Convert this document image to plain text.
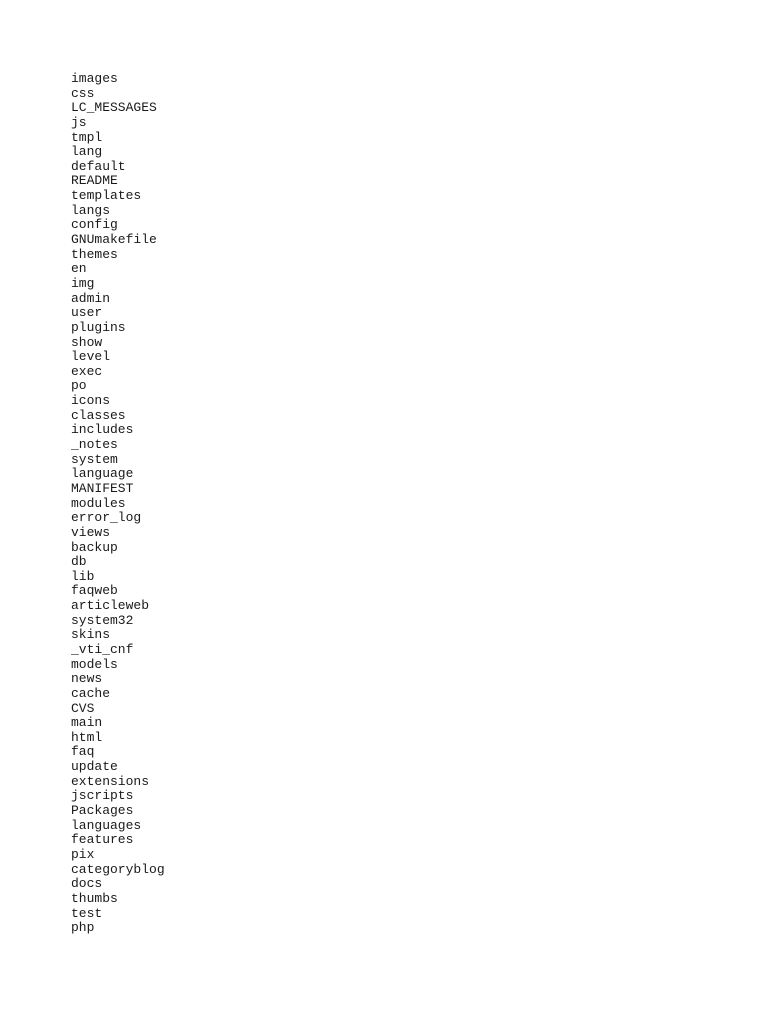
images
css
LC_MESSAGES
js
tmpl
lang
default
README
templates
langs
config
GNUmakefile
themes
en
img
admin
user
plugins
show
level
exec
po
icons
classes
includes
_notes
system
language
MANIFEST
modules
error_log
views
backup
db
lib
faqweb
articleweb
system32
skins
_vti_cnf
models
news
cache
CVS
main
html
faq
update
extensions
jscripts
Packages
languages
features
pix
categoryblog
docs
thumbs
test
php
